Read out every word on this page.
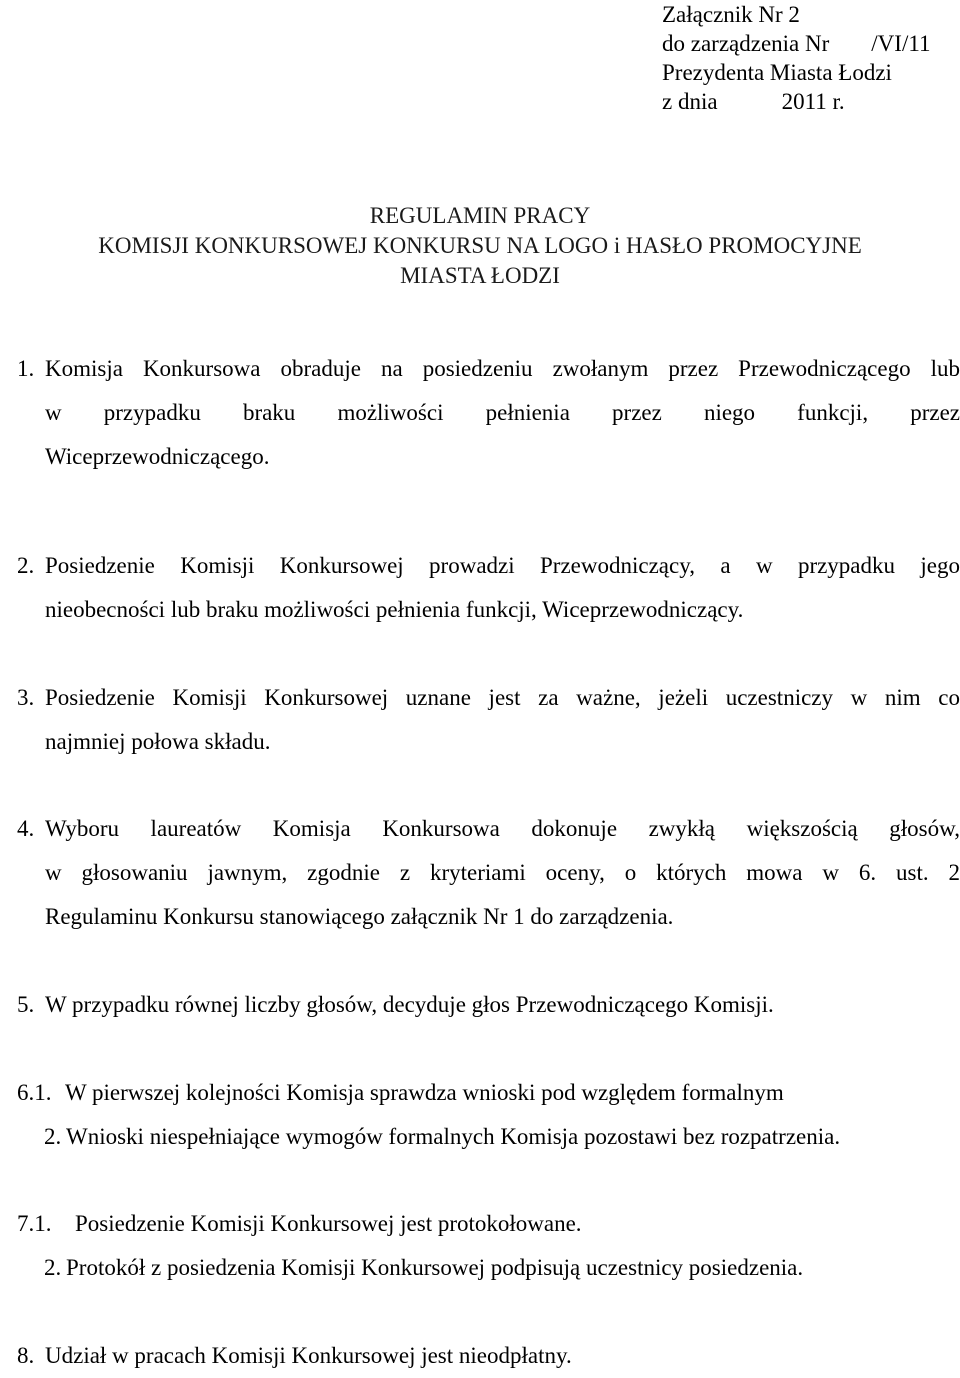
Załącznik Nr 2
do zarządzenia Nr /VI/11
Prezydenta Miasta Łodzi
z dnia	2011 r.
REGULAMIN PRACY
KOMISJI KONKURSOWEJ KONKURSU NA LOGO i HASŁO PROMOCYJNE
MIASTA ŁODZI
1. Komisja Konkursowa obraduje na posiedzeniu zwołanym przez Przewodniczącego lub
w przypadku braku możliwości pełnienia przez niego funkcji, przez
Wiceprzewodniczącego.
2. Posiedzenie Komisji Konkursowej prowadzi Przewodniczący, a w przypadku jego
nieobecności lub braku możliwości pełnienia funkcji, Wiceprzewodniczący.
3. Posiedzenie Komisji Konkursowej uznane jest za ważne, jeżeli uczestniczy w nim co
najmniej połowa składu.
4. Wyboru laureatów Komisja Konkursowa dokonuje zwykłą większością głosów,
w głosowaniu jawnym, zgodnie z kryteriami oceny, o których mowa w 6. ust. 2
Regulaminu Konkursu stanowiącego załącznik Nr 1 do zarządzenia.
5. W przypadku równej liczby głosów, decyduje głos Przewodniczącego Komisji.
6.1. W pierwszej kolejności Komisja sprawdza wnioski pod względem formalnym
2. Wnioski niespełniające wymogów formalnych Komisja pozostawi bez rozpatrzenia.
7.1. Posiedzenie Komisji Konkursowej jest protokołowane.
2. Protokół z posiedzenia Komisji Konkursowej podpisują uczestnicy posiedzenia.
8. Udział w pracach Komisji Konkursowej jest nieodpłatny.
